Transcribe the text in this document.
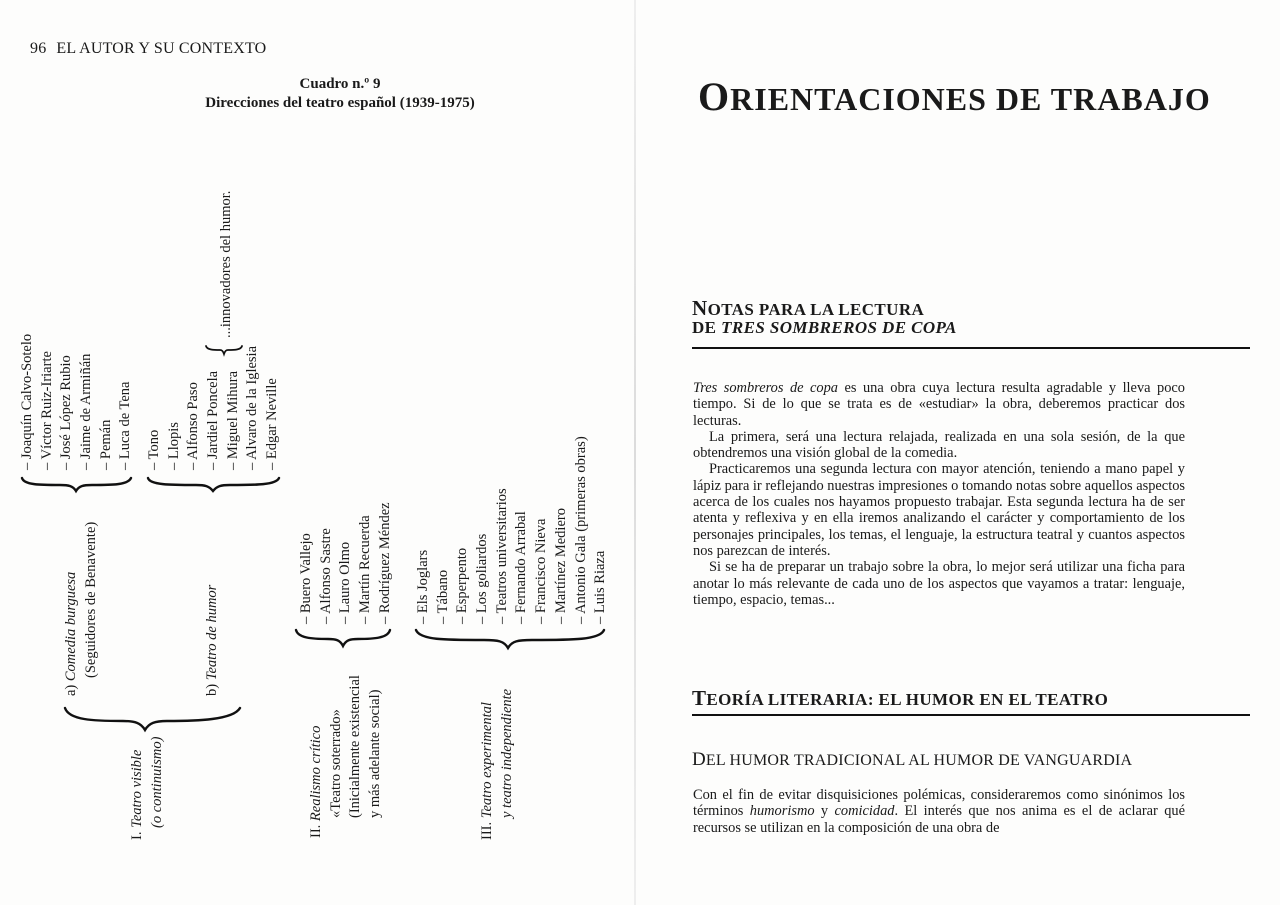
96 EL AUTOR Y SU CONTEXTO
Cuadro n.º 9
Direcciones del teatro español (1939-1975)
I. Teatro visible (o continuismo)
a) Comedia burguesa (Seguidores de Benavente)
– Joaquín Calvo-Sotelo – Víctor Ruiz-Iriarte – José López Rubio – Jaime de Armiñán – Pemán – Luca de Tena
b) Teatro de humor
– Tono – Llopis – Alfonso Paso – Jardiel Poncela – Miguel Mihura – Alvaro de la Iglesia – Edgar Neville
...innovadores del humor.
II. Realismo crítico «Teatro soterrado» (Inicialmente existencial y más adelante social)
– Buero Vallejo – Alfonso Sastre – Lauro Olmo – Martín Recuerda – Rodríguez Méndez
III. Teatro experimental y teatro independiente
– Els Joglars – Tábano – Esperpento – Los goliardos – Teatros universitarios – Fernando Arrabal – Francisco Nieva – Martínez Mediero – Antonio Gala (primeras obras) – Luis Riaza
ORIENTACIONES DE TRABAJO
NOTAS PARA LA LECTURA
DE TRES SOMBREROS DE COPA

Tres sombreros de copa es una obra cuya lectura resulta agradable y lleva poco tiempo. Si de lo que se trata es de «estudiar» la obra, deberemos practicar dos lecturas.

La primera, será una lectura relajada, realizada en una sola sesión, de la que obtendremos una visión global de la comedia.

Practicaremos una segunda lectura con mayor atención, teniendo a mano papel y lápiz para ir reflejando nuestras impresiones o tomando notas sobre aquellos aspectos acerca de los cuales nos hayamos propuesto trabajar. Esta segunda lectura ha de ser atenta y reflexiva y en ella iremos analizando el carácter y comportamiento de los personajes principales, los temas, el lenguaje, la estructura teatral y cuantos aspectos nos parezcan de interés.

Si se ha de preparar un trabajo sobre la obra, lo mejor será utilizar una ficha para anotar lo más relevante de cada uno de los aspectos que vayamos a tratar: lenguaje, tiempo, espacio, temas...

TEORÍA LITERARIA: EL HUMOR EN EL TEATRO
DEL HUMOR TRADICIONAL AL HUMOR DE VANGUARDIA

Con el fin de evitar disquisiciones polémicas, consideraremos como sinónimos los términos humorismo y comicidad. El interés que nos anima es el de aclarar qué recursos se utilizan en la composición de una obra de
